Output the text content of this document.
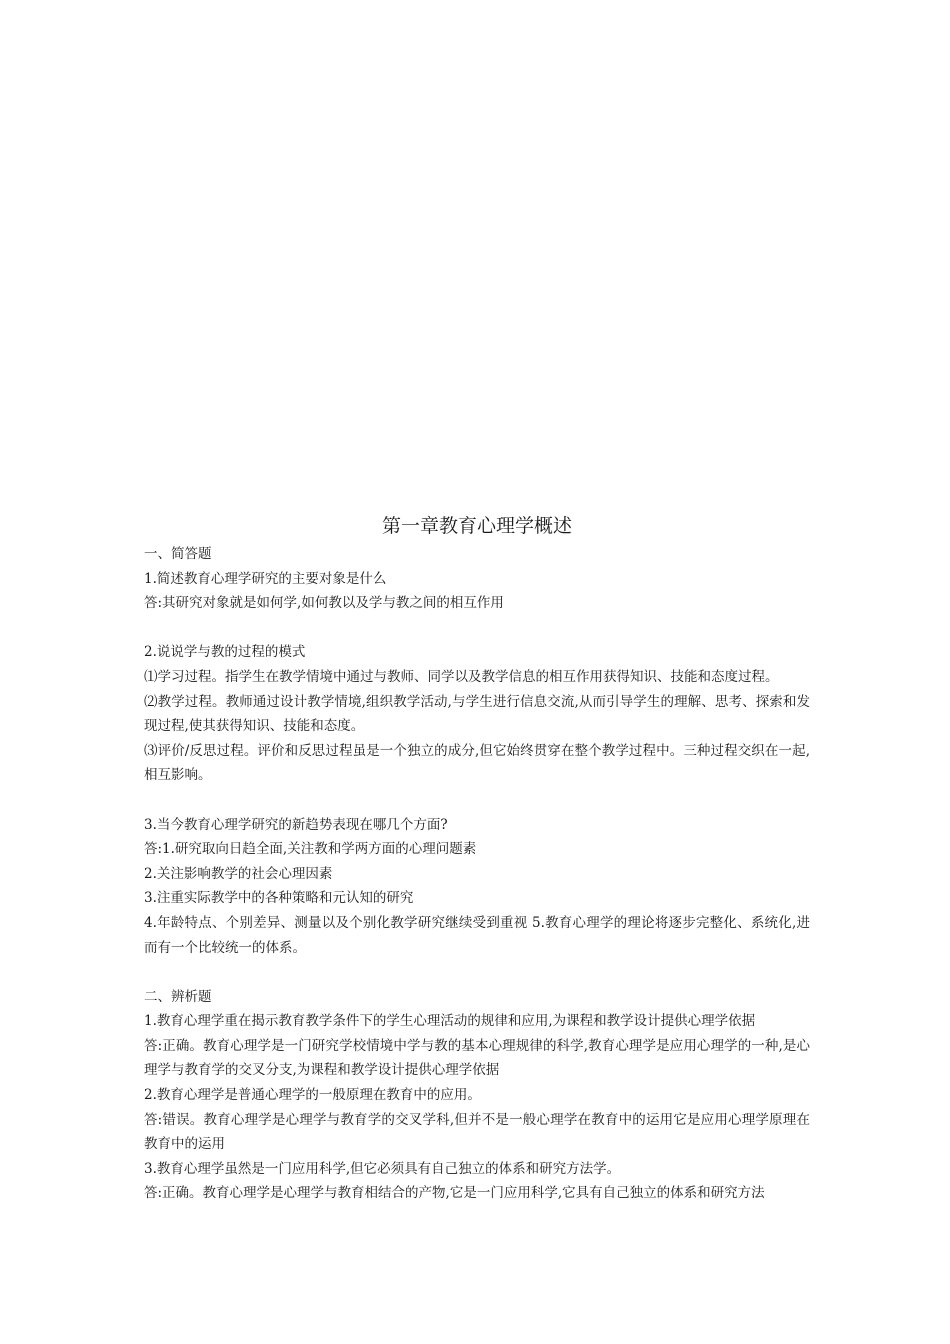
第一章教育心理学概述

一、简答题

1.简述教育心理学研究的主要对象是什么

答:其研究对象就是如何学,如何教以及学与教之间的相互作用

2.说说学与教的过程的模式

⑴学习过程。指学生在教学情境中通过与教师、同学以及教学信息的相互作用获得知识、技能和态度过程。

⑵教学过程。教师通过设计教学情境,组织教学活动,与学生进行信息交流,从而引导学生的理解、思考、探索和发现过程,使其获得知识、技能和态度。

⑶评价/反思过程。评价和反思过程虽是一个独立的成分,但它始终贯穿在整个教学过程中。三种过程交织在一起,相互影响。

3.当今教育心理学研究的新趋势表现在哪几个方面?

答:1.研究取向日趋全面,关注教和学两方面的心理问题素

2.关注影响教学的社会心理因素

3.注重实际教学中的各种策略和元认知的研究

4.年龄特点、个别差异、测量以及个别化教学研究继续受到重视 5.教育心理学的理论将逐步完整化、系统化,进而有一个比较统一的体系。

二、辨析题

1.教育心理学重在揭示教育教学条件下的学生心理活动的规律和应用,为课程和教学设计提供心理学依据

答:正确。教育心理学是一门研究学校情境中学与教的基本心理规律的科学,教育心理学是应用心理学的一种,是心理学与教育学的交叉分支,为课程和教学设计提供心理学依据

2.教育心理学是普通心理学的一般原理在教育中的应用。

答:错误。教育心理学是心理学与教育学的交叉学科,但并不是一般心理学在教育中的运用它是应用心理学原理在教育中的运用

3.教育心理学虽然是一门应用科学,但它必须具有自己独立的体系和研究方法学。

答:正确。教育心理学是心理学与教育相结合的产物,它是一门应用科学,它具有自己独立的体系和研究方法
